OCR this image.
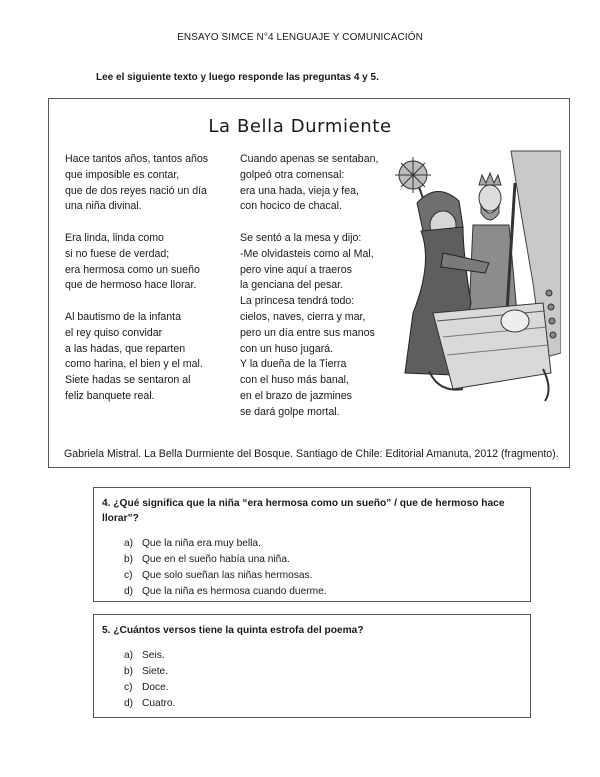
ENSAYO SIMCE N°4 LENGUAJE Y COMUNICACIÓN
Lee el siguiente texto y luego responde las preguntas 4 y 5.
La Bella Durmiente
Hace tantos años, tantos años
que imposible es contar,
que de dos reyes nació un día
una niña divinal.
Era linda, linda como
si no fuese de verdad;
era hermosa como un sueño
que de hermoso hace llorar.
Al bautismo de la infanta
el rey quiso convidar
a las hadas, que reparten
como harina, el bien y el mal.
Siete hadas se sentaron al
feliz banquete real.
Cuando apenas se sentaban,
golpeó otra comensal:
era una hada, vieja y fea,
con hocico de chacal.
Se sentó a la mesa y dijo:
-Me olvidasteis como al Mal,
pero vine aquí a traeros
la genciana del pesar.
La princesa tendrá todo:
cielos, naves, cierra y mar,
pero un día entre sus manos
con un huso jugará.
Y la dueña de la Tierra
con el huso más banal,
en el brazo de jazmines
se dará golpe mortal.
Gabriela Mistral. La Bella Durmiente del Bosque. Santiago de Chile: Editorial Amanuta, 2012 (fragmento).
4. ¿Qué significa que la niña “era hermosa como un sueño” / que de hermoso hace llorar”?
a) Que la niña era muy bella.
b) Que en el sueño había una niña.
c) Que solo sueñan las niñas hermosas.
d) Que la niña es hermosa cuando duerme.
5. ¿Cuántos versos tiene la quinta estrofa del poema?
a) Seis.
b) Siete.
c) Doce.
d) Cuatro.
